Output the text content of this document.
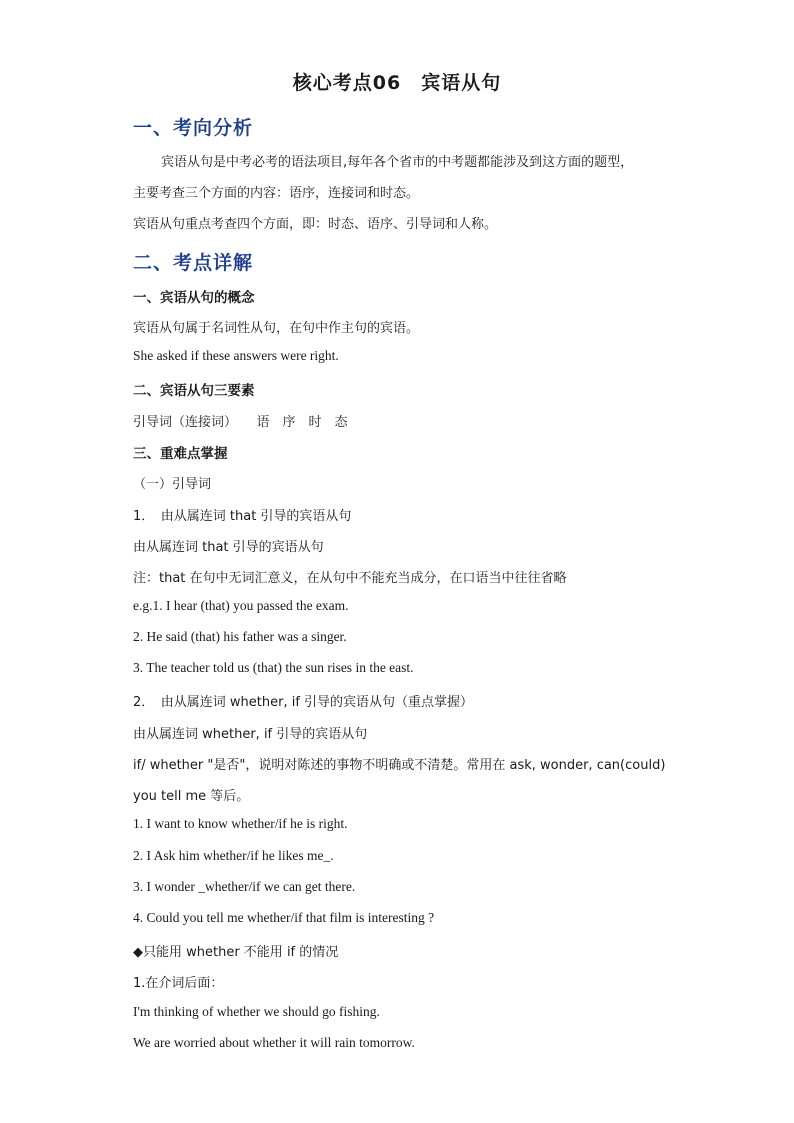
核心考点06　宾语从句
一、考向分析
宾语从句是中考必考的语法项目,每年各个省市的中考题都能涉及到这方面的题型，
主要考查三个方面的内容：语序，连接词和时态。
宾语从句重点考查四个方面，即：时态、语序、引导词和人称。
二、考点详解
一、宾语从句的概念
宾语从句属于名词性从句，在句中作主句的宾语。
She asked if these answers were right.
二、宾语从句三要素
引导词（连接词）　　语　序　时　态
三、重难点掌握
（一）引导词
1．　由从属连词 that 引导的宾语从句
由从属连词 that 引导的宾语从句
注：that 在句中无词汇意义，在从句中不能充当成分，在口语当中往往省略
e.g.1. I hear (that) you passed the exam.
2. He said (that) his father was a singer.
3. The teacher told us (that) the sun rises in the east.
2．　由从属连词 whether, if 引导的宾语从句（重点掌握）
由从属连词 whether, if 引导的宾语从句
if/ whether "是否"，说明对陈述的事物不明确或不清楚。常用在 ask, wonder, can(could)
you tell me 等后。
1. I want to know whether/if he is right.
2. I Ask him whether/if he likes me_.
3. I wonder _whether/if we can get there.
4. Could you tell me whether/if that film is interesting ?
◆只能用 whether 不能用 if 的情况
1.在介词后面：
I'm thinking of whether we should go fishing.
We are worried about whether it will rain tomorrow.
